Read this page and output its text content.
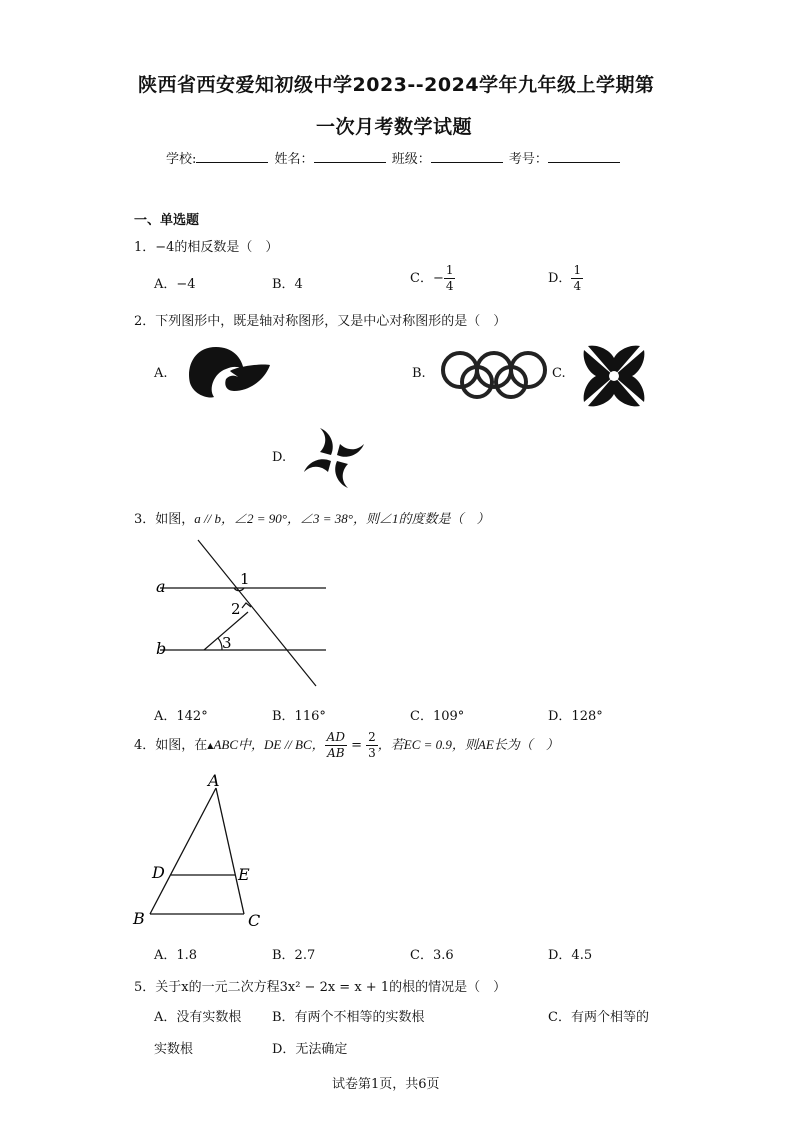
陕西省西安爱知初级中学2023--2024学年九年级上学期第
一次月考数学试题
学校:	姓名：	班级：	考号：
一、单选题
1．−4的相反数是（　）
A．−4	B．4	C．− $\frac{1}{4}$	D． $\frac{1}{4}$
2．下列图形中，既是轴对称图形，又是中心对称图形的是（　）
A.	B.	C.
D.
3．如图，a // b，∠2 = 90°，∠3 = 38°，则∠1的度数是（　）
a
b
1
2
3
A．142°	B．116°	C．109°	D．128°
4．如图，在▲ABC中，DE // BC， $\frac{AD}{AB} = \frac{2}{3}$ ，若EC = 0.9，则AE长为（　）
A
D	E
B	C
A．1.8	B．2.7	C．3.6	D．4.5
5．关于x的一元二次方程3x² − 2x = x + 1的根的情况是（　）
A．没有实数根 B．有两个不相等的实数根	C．有两个相等的
实数根	D．无法确定
试卷第1页，共6页
